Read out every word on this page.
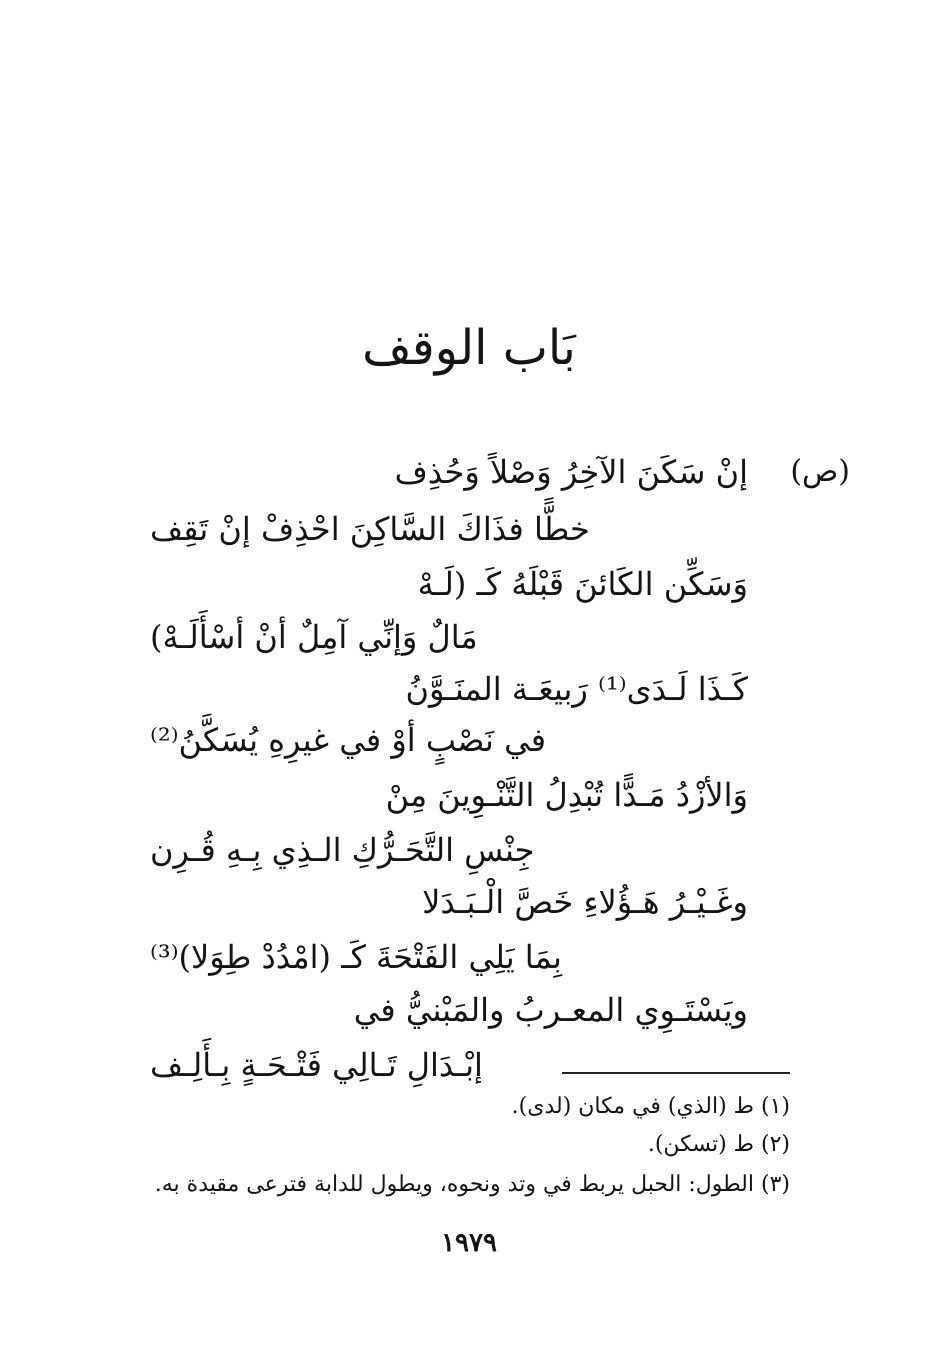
بَاب الوقف
(ص)
إنْ سَكَنَ الآخِرُ وَصْلاً وَحُذِف
خطًّا فذَاكَ السَّاكِنَ احْذِفْ إنْ تَقِف
وَسَكِّن الكَائنَ قَبْلَهُ كَـ (لَـهْ
مَالٌ وَإنِّي آمِلٌ أنْ أسْأَلَـهْ)
كَـذَا لَـدَى⁽¹⁾ رَبيعَـة المنَـوَّنُ
في نَصْبٍ أوْ في غيرِهِ يُسَكَّنُ⁽²⁾
وَالأزْدُ مَـدًّا تُبْدِلُ التَّنْـوِينَ مِنْ
جِنْسِ التَّحَـرُّكِ الـذِي بِـهِ قُـرِن
وغَـيْـرُ هَـؤُلاءِ خَصَّ الْـبَـدَلا
بِمَا يَلِي الفَتْحَةَ كَـ (امْدُدْ طِوَلا)⁽³⁾
ويَسْتَـوِي المعـربُ والمَبْنيُّ في
إبْـدَالِ تَـالِي فَتْـحَـةٍ بِـأَلِـف
(١) ط (الذي) في مكان (لدى).
(٢) ط (تسكن).
(٣) الطول: الحبل يربط في وتد ونحوه، ويطول للدابة فترعى مقيدة به.
١٩٧٩
